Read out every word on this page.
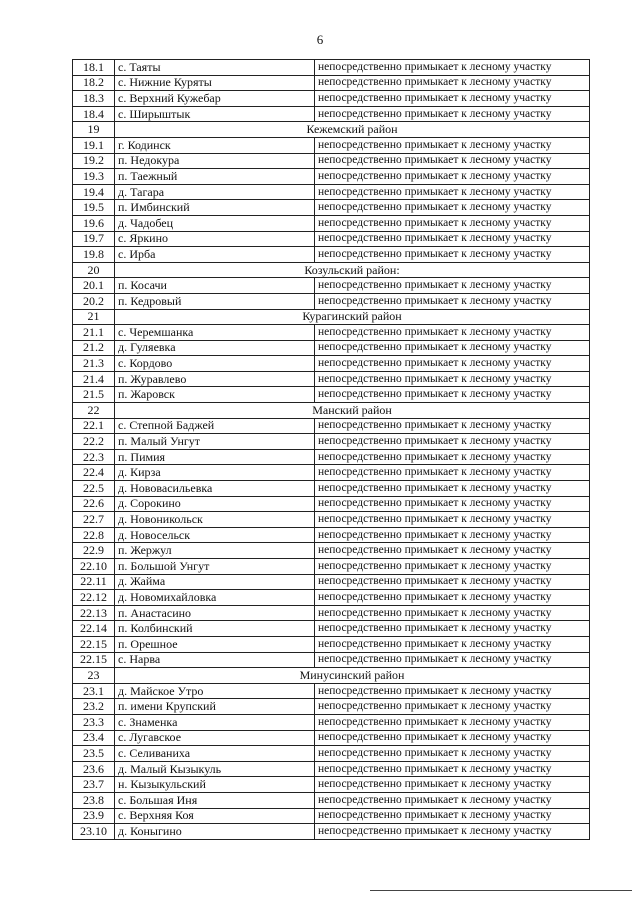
6
18.1	с. Таяты	непосредственно примыкает к лесному участку
18.2	с. Нижние Куряты	непосредственно примыкает к лесному участку
18.3	с. Верхний Кужебар	непосредственно примыкает к лесному участку
18.4	с. Ширыштык	непосредственно примыкает к лесному участку
19	Кежемский район	
19.1	г. Кодинск	непосредственно примыкает к лесному участку
19.2	п. Недокура	непосредственно примыкает к лесному участку
19.3	п. Таежный	непосредственно примыкает к лесному участку
19.4	д. Тагара	непосредственно примыкает к лесному участку
19.5	п. Имбинский	непосредственно примыкает к лесному участку
19.6	д. Чадобец	непосредственно примыкает к лесному участку
19.7	с. Яркино	непосредственно примыкает к лесному участку
19.8	с. Ирба	непосредственно примыкает к лесному участку
20	Козульский район:	
20.1	п. Косачи	непосредственно примыкает к лесному участку
20.2	п. Кедровый	непосредственно примыкает к лесному участку
21	Курагинский район	
21.1	с. Черемшанка	непосредственно примыкает к лесному участку
21.2	д. Гуляевка	непосредственно примыкает к лесному участку
21.3	с. Кордово	непосредственно примыкает к лесному участку
21.4	п. Журавлево	непосредственно примыкает к лесному участку
21.5	п. Жаровск	непосредственно примыкает к лесному участку
22	Манский район	
22.1	с. Степной Баджей	непосредственно примыкает к лесному участку
22.2	п. Малый Унгут	непосредственно примыкает к лесному участку
22.3	п. Пимия	непосредственно примыкает к лесному участку
22.4	д. Кирза	непосредственно примыкает к лесному участку
22.5	д. Нововасильевка	непосредственно примыкает к лесному участку
22.6	д. Сорокино	непосредственно примыкает к лесному участку
22.7	д. Новоникольск	непосредственно примыкает к лесному участку
22.8	д. Новосельск	непосредственно примыкает к лесному участку
22.9	п. Жержул	непосредственно примыкает к лесному участку
22.10	п. Большой Унгут	непосредственно примыкает к лесному участку
22.11	д. Жайма	непосредственно примыкает к лесному участку
22.12	д. Новомихайловка	непосредственно примыкает к лесному участку
22.13	п. Анастасино	непосредственно примыкает к лесному участку
22.14	п. Колбинский	непосредственно примыкает к лесному участку
22.15	п. Орешное	непосредственно примыкает к лесному участку
22.15	с. Нарва	непосредственно примыкает к лесному участку
23	Минусинский район	
23.1	д. Майское Утро	непосредственно примыкает к лесному участку
23.2	п. имени Крупский	непосредственно примыкает к лесному участку
23.3	с. Знаменка	непосредственно примыкает к лесному участку
23.4	с. Лугавское	непосредственно примыкает к лесному участку
23.5	с. Селиваниха	непосредственно примыкает к лесному участку
23.6	д. Малый Кызыкуль	непосредственно примыкает к лесному участку
23.7	н. Кызыкульский	непосредственно примыкает к лесному участку
23.8	с. Большая Иня	непосредственно примыкает к лесному участку
23.9	с. Верхняя Коя	непосредственно примыкает к лесному участку
23.10	д. Коныгино	непосредственно примыкает к лесному участку
